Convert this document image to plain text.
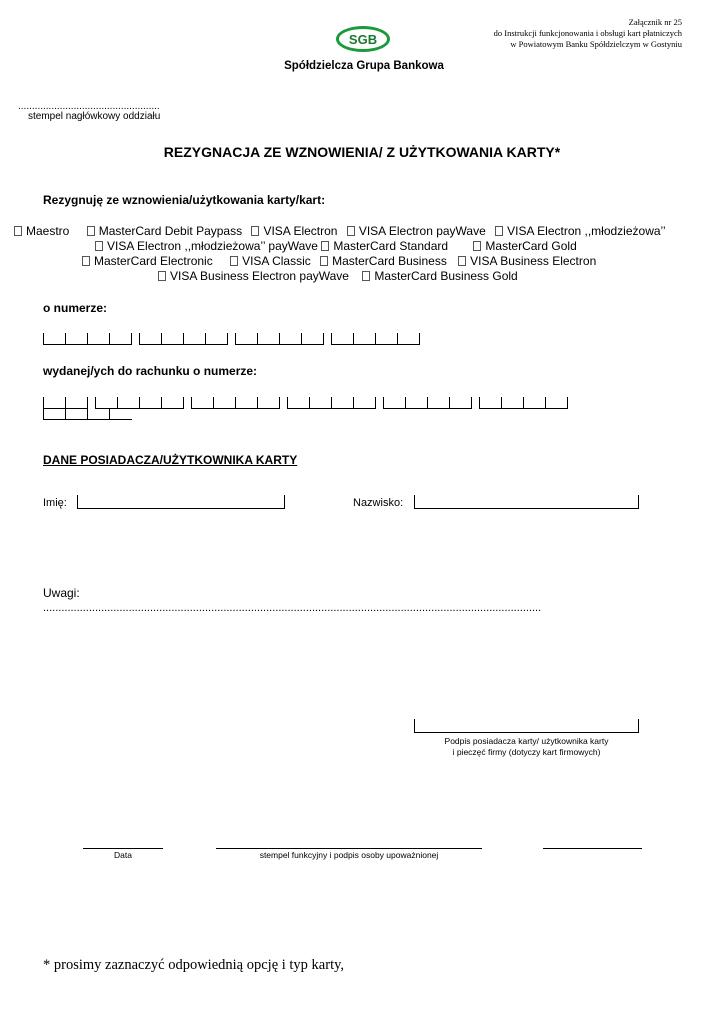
SGB
Spółdzielcza Grupa Bankowa
Załącznik nr 25
do Instrukcji funkcjonowania i obsługi kart płatniczych
w Powiatowym Banku Spółdzielczym w Gostyniu
...................................................
stempel nagłówkowy oddziału
REZYGNACJA ZE WZNOWIENIA/ Z UŻYTKOWANIA KARTY*
Rezygnuję ze wznowienia/użytkowania karty/kart:
Maestro MasterCard Debit Paypass VISA Electron VISA Electron payWave VISA Electron ,,młodzieżowa’’
VISA Electron ,,młodzieżowa’’ payWave MasterCard Standard	MasterCard Gold
MasterCard Electronic VISA Classic MasterCard Business VISA Business Electron
VISA Business Electron payWave MasterCard Business Gold
o numerze:
wydanej/ych do rachunku o numerze:
DANE POSIADACZA/UŻYTKOWNIKA KARTY
Imię:	Nazwisko:
Uwagi:
...................................................................................................................................................................
Podpis posiadacza karty/ użytkownika karty
i pieczęć firmy (dotyczy kart firmowych)
Data	stempel funkcyjny i podpis osoby upoważnionej
* prosimy zaznaczyć odpowiednią opcję i typ karty,
